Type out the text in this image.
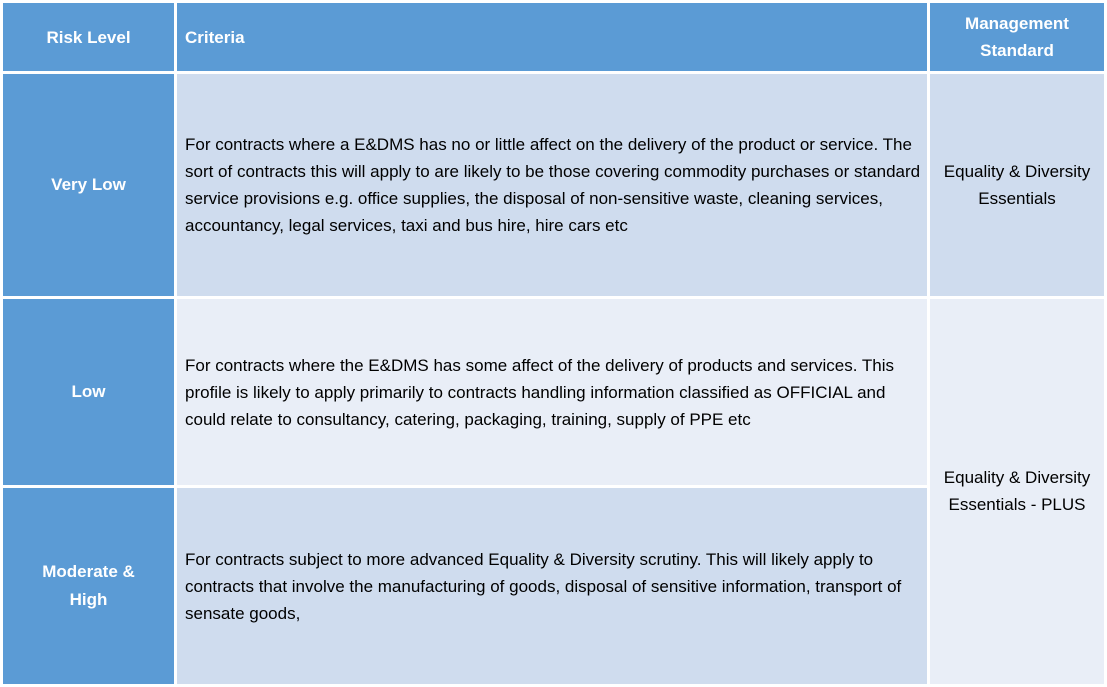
Risk Level	Criteria	Management Standard
Very Low	For contracts where a E&DMS has no or little affect on the delivery of the product or service. The sort of contracts this will apply to are likely to be those covering commodity purchases or standard service provisions e.g. office supplies, the disposal of non-sensitive waste, cleaning services, accountancy, legal services, taxi and bus hire, hire cars etc	Equality & Diversity Essentials
Low	For contracts where the E&DMS has some affect of the delivery of products and services. This profile is likely to apply primarily to contracts handling information classified as OFFICIAL and could relate to consultancy, catering, packaging, training, supply of PPE etc	Equality & Diversity Essentials - PLUS

Moderate & High	For contracts subject to more advanced Equality & Diversity scrutiny. This will likely apply to contracts that involve the manufacturing of goods, disposal of sensitive information, transport of sensate goods,	
